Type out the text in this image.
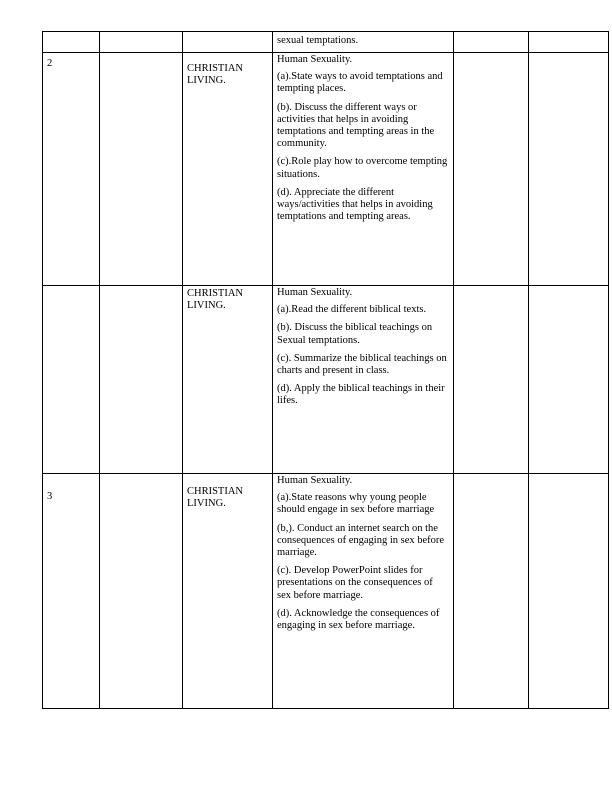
			sexual temptations.		

2		CHRISTIAN LIVING.	Human Sexuality.

(a).State ways to avoid temptations and tempting places.

(b). Discuss the different ways or activities that helps in avoiding temptations and tempting areas in the community.

(c).Role play how to overcome tempting situations.

(d). Appreciate the different ways/activities that helps in avoiding temptations and tempting areas.		

		CHRISTIAN LIVING.	Human Sexuality.

(a).Read the different biblical texts.

(b). Discuss the biblical teachings on Sexual temptations.

(c). Summarize the biblical teachings on charts and present in class.

(d). Apply the biblical teachings in their lifes.		

3		CHRISTIAN LIVING.	Human Sexuality.

(a).State reasons why young people should engage in sex before marriage

(b,). Conduct an internet search on the consequences of engaging in sex before marriage.

(c). Develop PowerPoint slides for presentations on the consequences of sex before marriage.

(d). Acknowledge the consequences of engaging in sex before marriage.		
